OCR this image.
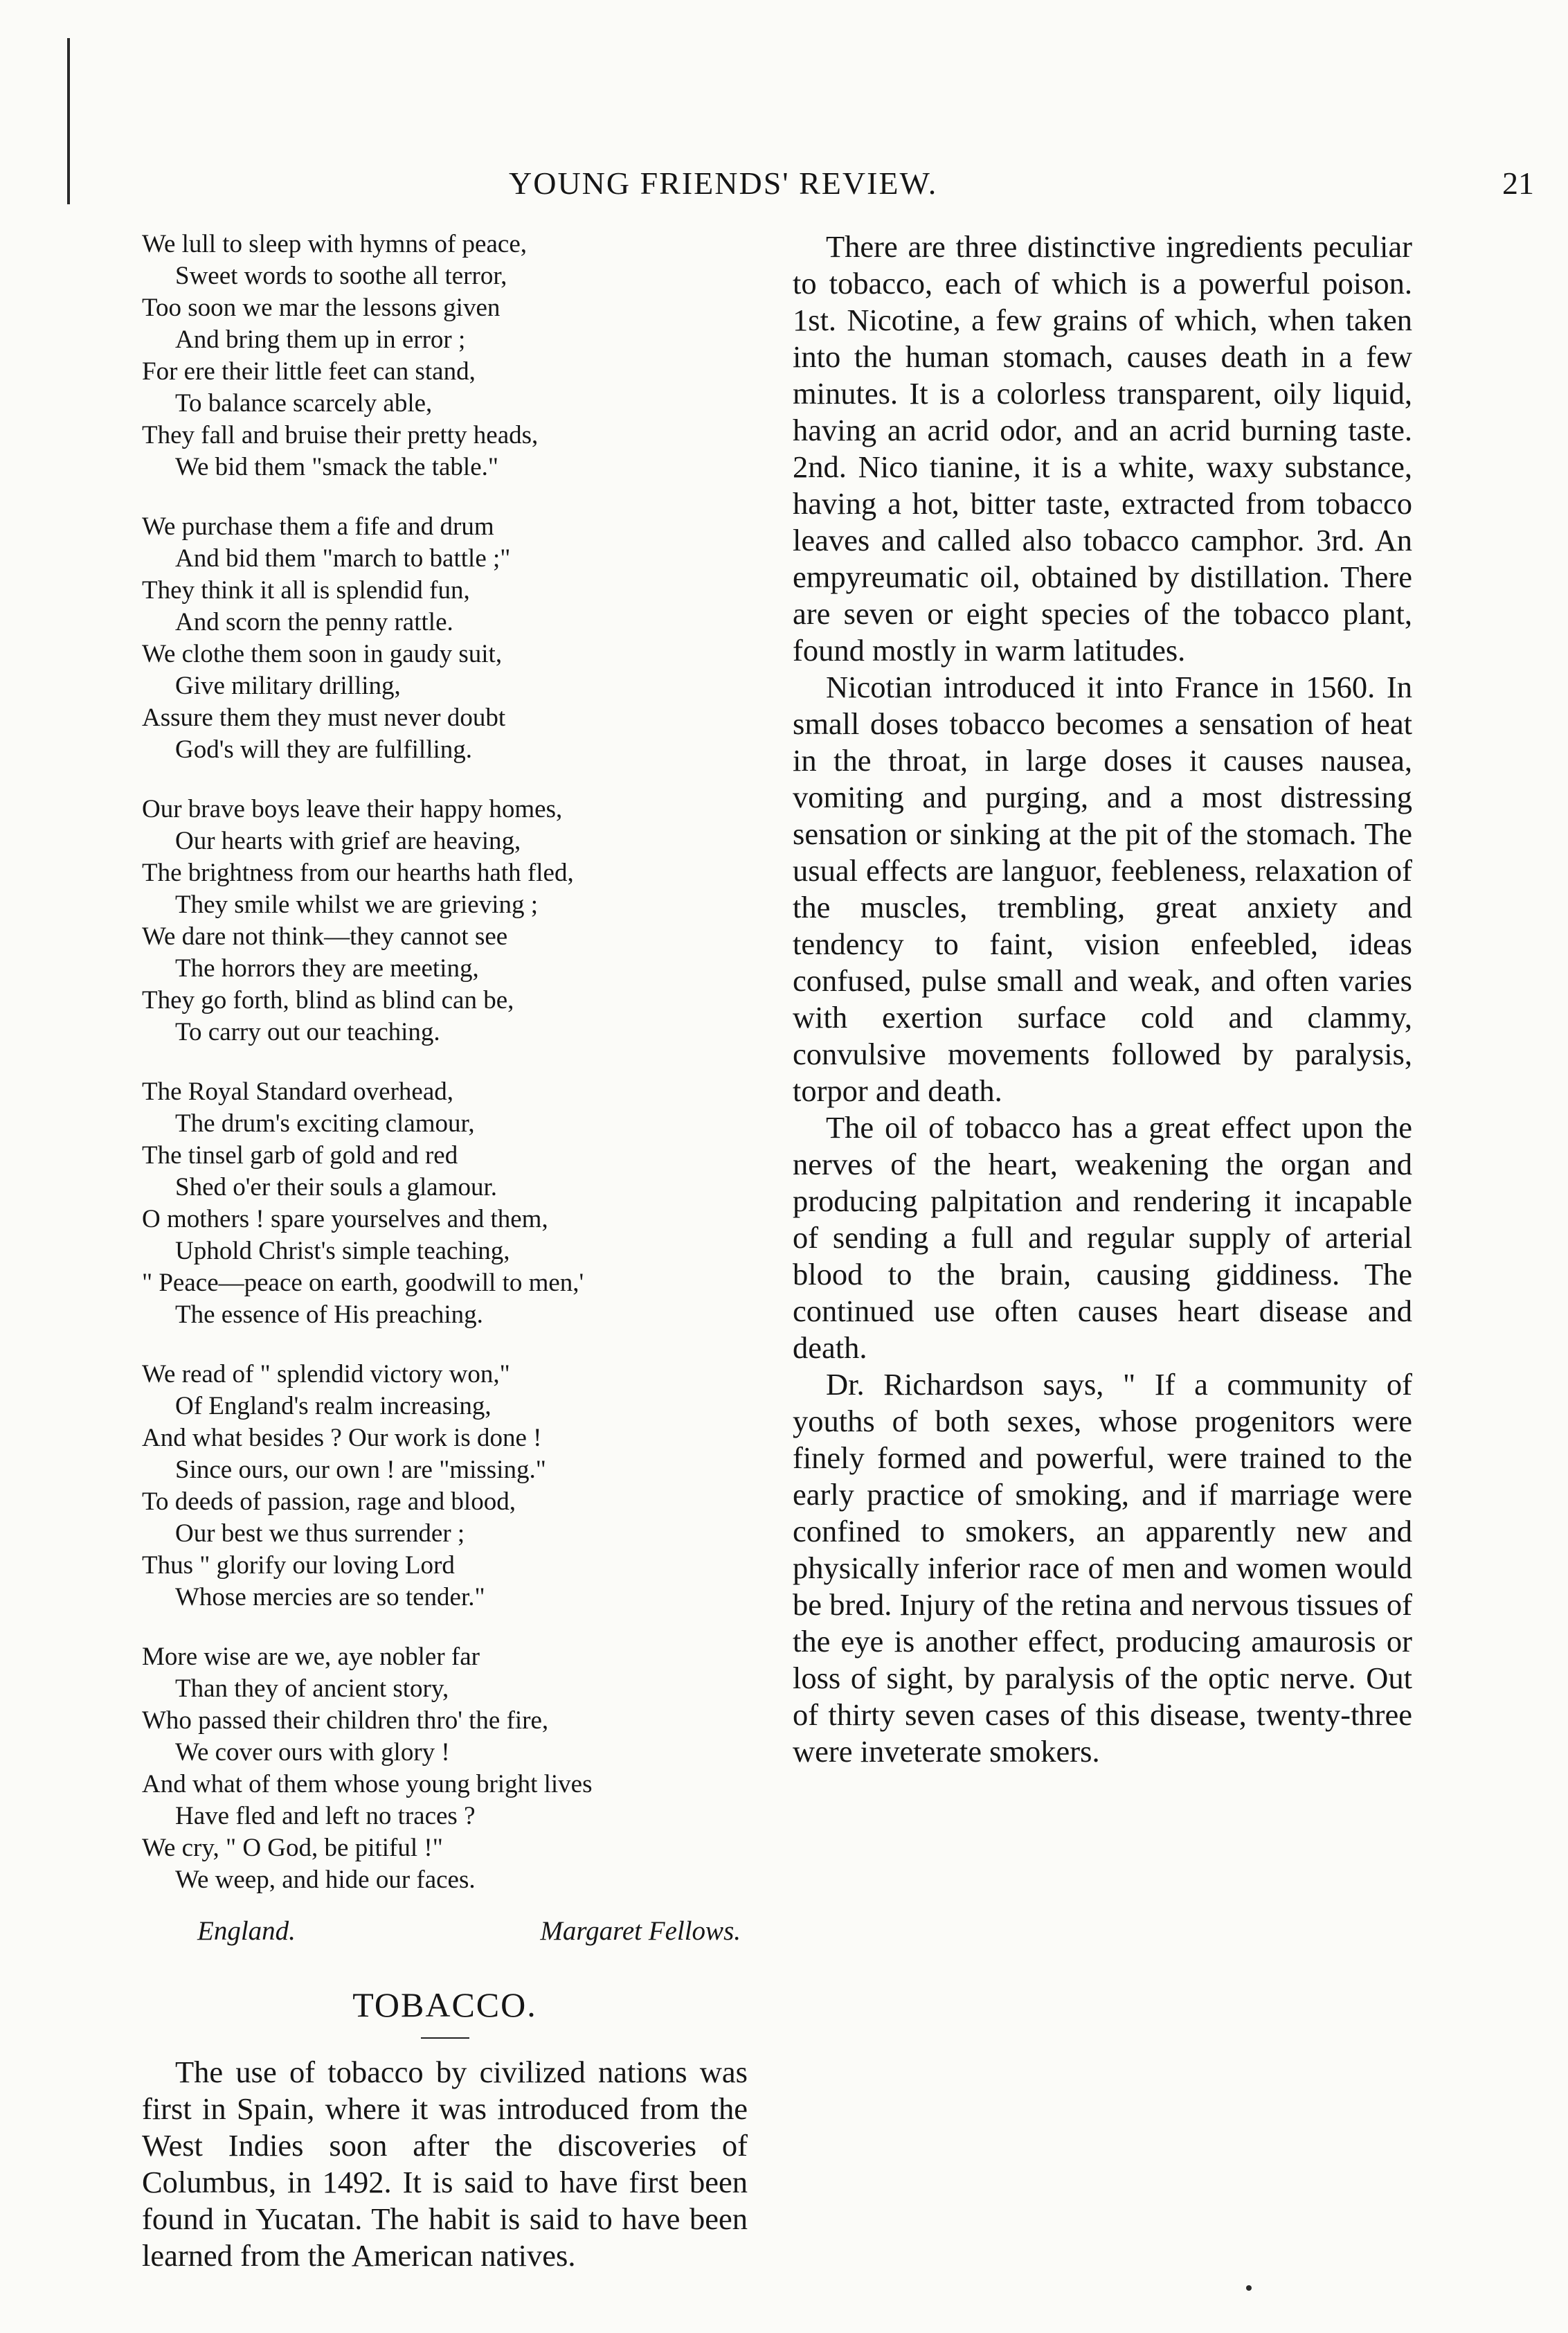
YOUNG FRIENDS' REVIEW.	21
We lull to sleep with hymns of peace,
Sweet words to soothe all terror,
Too soon we mar the lessons given
And bring them up in error ;
For ere their little feet can stand,
To balance scarcely able,
They fall and bruise their pretty heads,
We bid them "smack the table."
We purchase them a fife and drum
And bid them "march to battle ;"
They think it all is splendid fun,
And scorn the penny rattle.
We clothe them soon in gaudy suit,
Give military drilling,
Assure them they must never doubt
God's will they are fulfilling.
Our brave boys leave their happy homes,
Our hearts with grief are heaving,
The brightness from our hearths hath fled,
They smile whilst we are grieving ;
We dare not think—they cannot see
The horrors they are meeting,
They go forth, blind as blind can be,
To carry out our teaching.
The Royal Standard overhead,
The drum's exciting clamour,
The tinsel garb of gold and red
Shed o'er their souls a glamour.
O mothers ! spare yourselves and them,
Uphold Christ's simple teaching,
" Peace—peace on earth, goodwill to men,'
The essence of His preaching.
We read of " splendid victory won,"
Of England's realm increasing,
And what besides ? Our work is done !
Since ours, our own ! are "missing."
To deeds of passion, rage and blood,
Our best we thus surrender ;
Thus " glorify our loving Lord
Whose mercies are so tender."
More wise are we, aye nobler far
Than they of ancient story,
Who passed their children thro' the fire,
We cover ours with glory !
And what of them whose young bright lives
Have fled and left no traces ?
We cry, " O God, be pitiful !"
We weep, and hide our faces.
England.	Margaret Fellows.
TOBACCO.

The use of tobacco by civilized nations was first in Spain, where it was introduced from the West Indies soon after the discoveries of Columbus, in 1492. It is said to have first been found in Yucatan. The habit is said to have been learned from the American natives.

There are three distinctive ingredients peculiar to tobacco, each of which is a powerful poison. 1st. Nicotine, a few grains of which, when taken into the human stomach, causes death in a few minutes. It is a colorless transparent, oily liquid, having an acrid odor, and an acrid burning taste. 2nd. Nico tianine, it is a white, waxy substance, having a hot, bitter taste, extracted from tobacco leaves and called also tobacco camphor. 3rd. An empyreumatic oil, obtained by distillation. There are seven or eight species of the tobacco plant, found mostly in warm latitudes.

Nicotian introduced it into France in 1560. In small doses tobacco becomes a sensation of heat in the throat, in large doses it causes nausea, vomiting and purging, and a most distressing sensation or sinking at the pit of the stomach. The usual effects are languor, feebleness, relaxation of the muscles, trembling, great anxiety and tendency to faint, vision enfeebled, ideas confused, pulse small and weak, and often varies with exertion surface cold and clammy, convulsive movements followed by paralysis, torpor and death.

The oil of tobacco has a great effect upon the nerves of the heart, weakening the organ and producing palpitation and rendering it incapable of sending a full and regular supply of arterial blood to the brain, causing giddiness. The continued use often causes heart disease and death.

Dr. Richardson says, " If a community of youths of both sexes, whose progenitors were finely formed and powerful, were trained to the early practice of smoking, and if marriage were confined to smokers, an apparently new and physically inferior race of men and women would be bred. Injury of the retina and nervous tissues of the eye is another effect, producing amaurosis or loss of sight, by paralysis of the optic nerve. Out of thirty seven cases of this disease, twenty-three were inveterate smokers.
